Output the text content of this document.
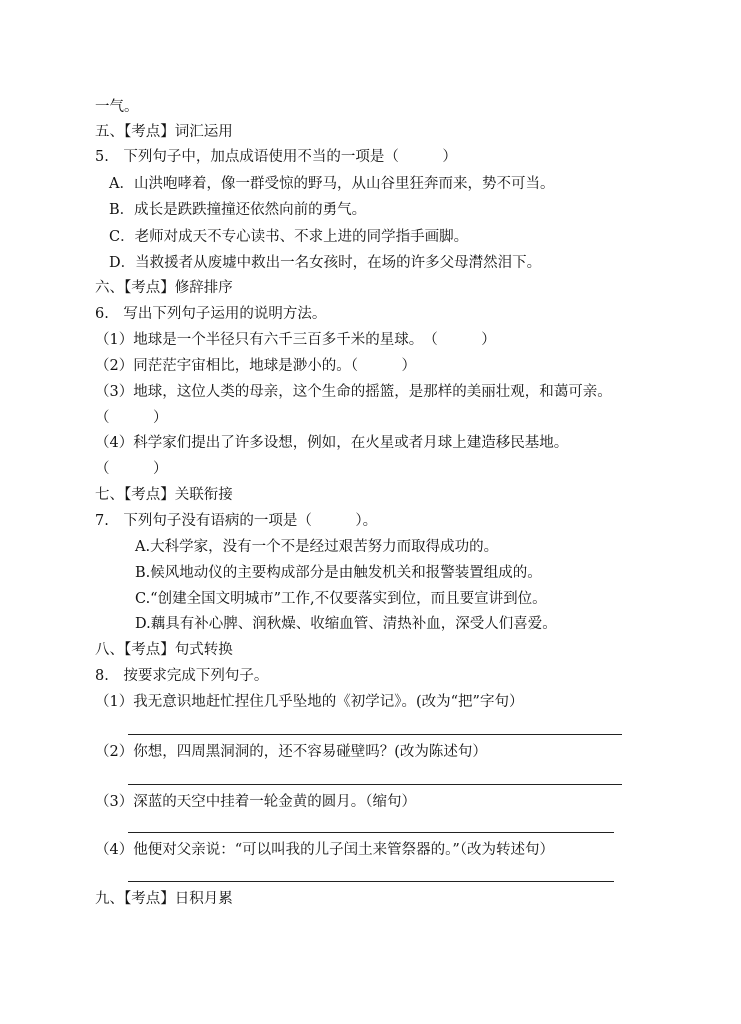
一气。
五、【考点】词汇运用
5.　下列句子中，加点成语使用不当的一项是（　　　）
A．山洪咆哮着，像一群受惊的野马，从山谷里狂奔而来，势不可当。
B．成长是跌跌撞撞还依然向前的勇气。
C．老师对成天不专心读书、不求上进的同学指手画脚。
D．当救援者从废墟中救出一名女孩时，在场的许多父母潸然泪下。
六、【考点】修辞排序
6.　写出下列句子运用的说明方法。
（1）地球是一个半径只有六千三百多千米的星球。　（　　　）
（2）同茫茫宇宙相比，地球是渺小的。（　　　）
（3）地球，这位人类的母亲，这个生命的摇篮，是那样的美丽壮观，和蔼可亲。
（　　　）
（4）科学家们提出了许多设想，例如，在火星或者月球上建造移民基地。
（　　　）
七、【考点】关联衔接
7.　下列句子没有语病的一项是（　　　）。
A.大科学家，没有一个不是经过艰苦努力而取得成功的。
B.候风地动仪的主要构成部分是由触发机关和报警装置组成的。
C.“创建全国文明城市”工作,不仅要落实到位，而且要宣讲到位。
D.藕具有补心脾、润秋燥、收缩血管、清热补血，深受人们喜爱。
八、【考点】句式转换
8.　按要求完成下列句子。
（1）我无意识地赶忙捏住几乎坠地的《初学记》。(改为“把”字句）
（2）你想，四周黑洞洞的，还不容易碰壁吗？(改为陈述句）
（3）深蓝的天空中挂着一轮金黄的圆月。（缩句）
（4）他便对父亲说：“可以叫我的儿子闰土来管祭器的。”（改为转述句）
九、【考点】日积月累
